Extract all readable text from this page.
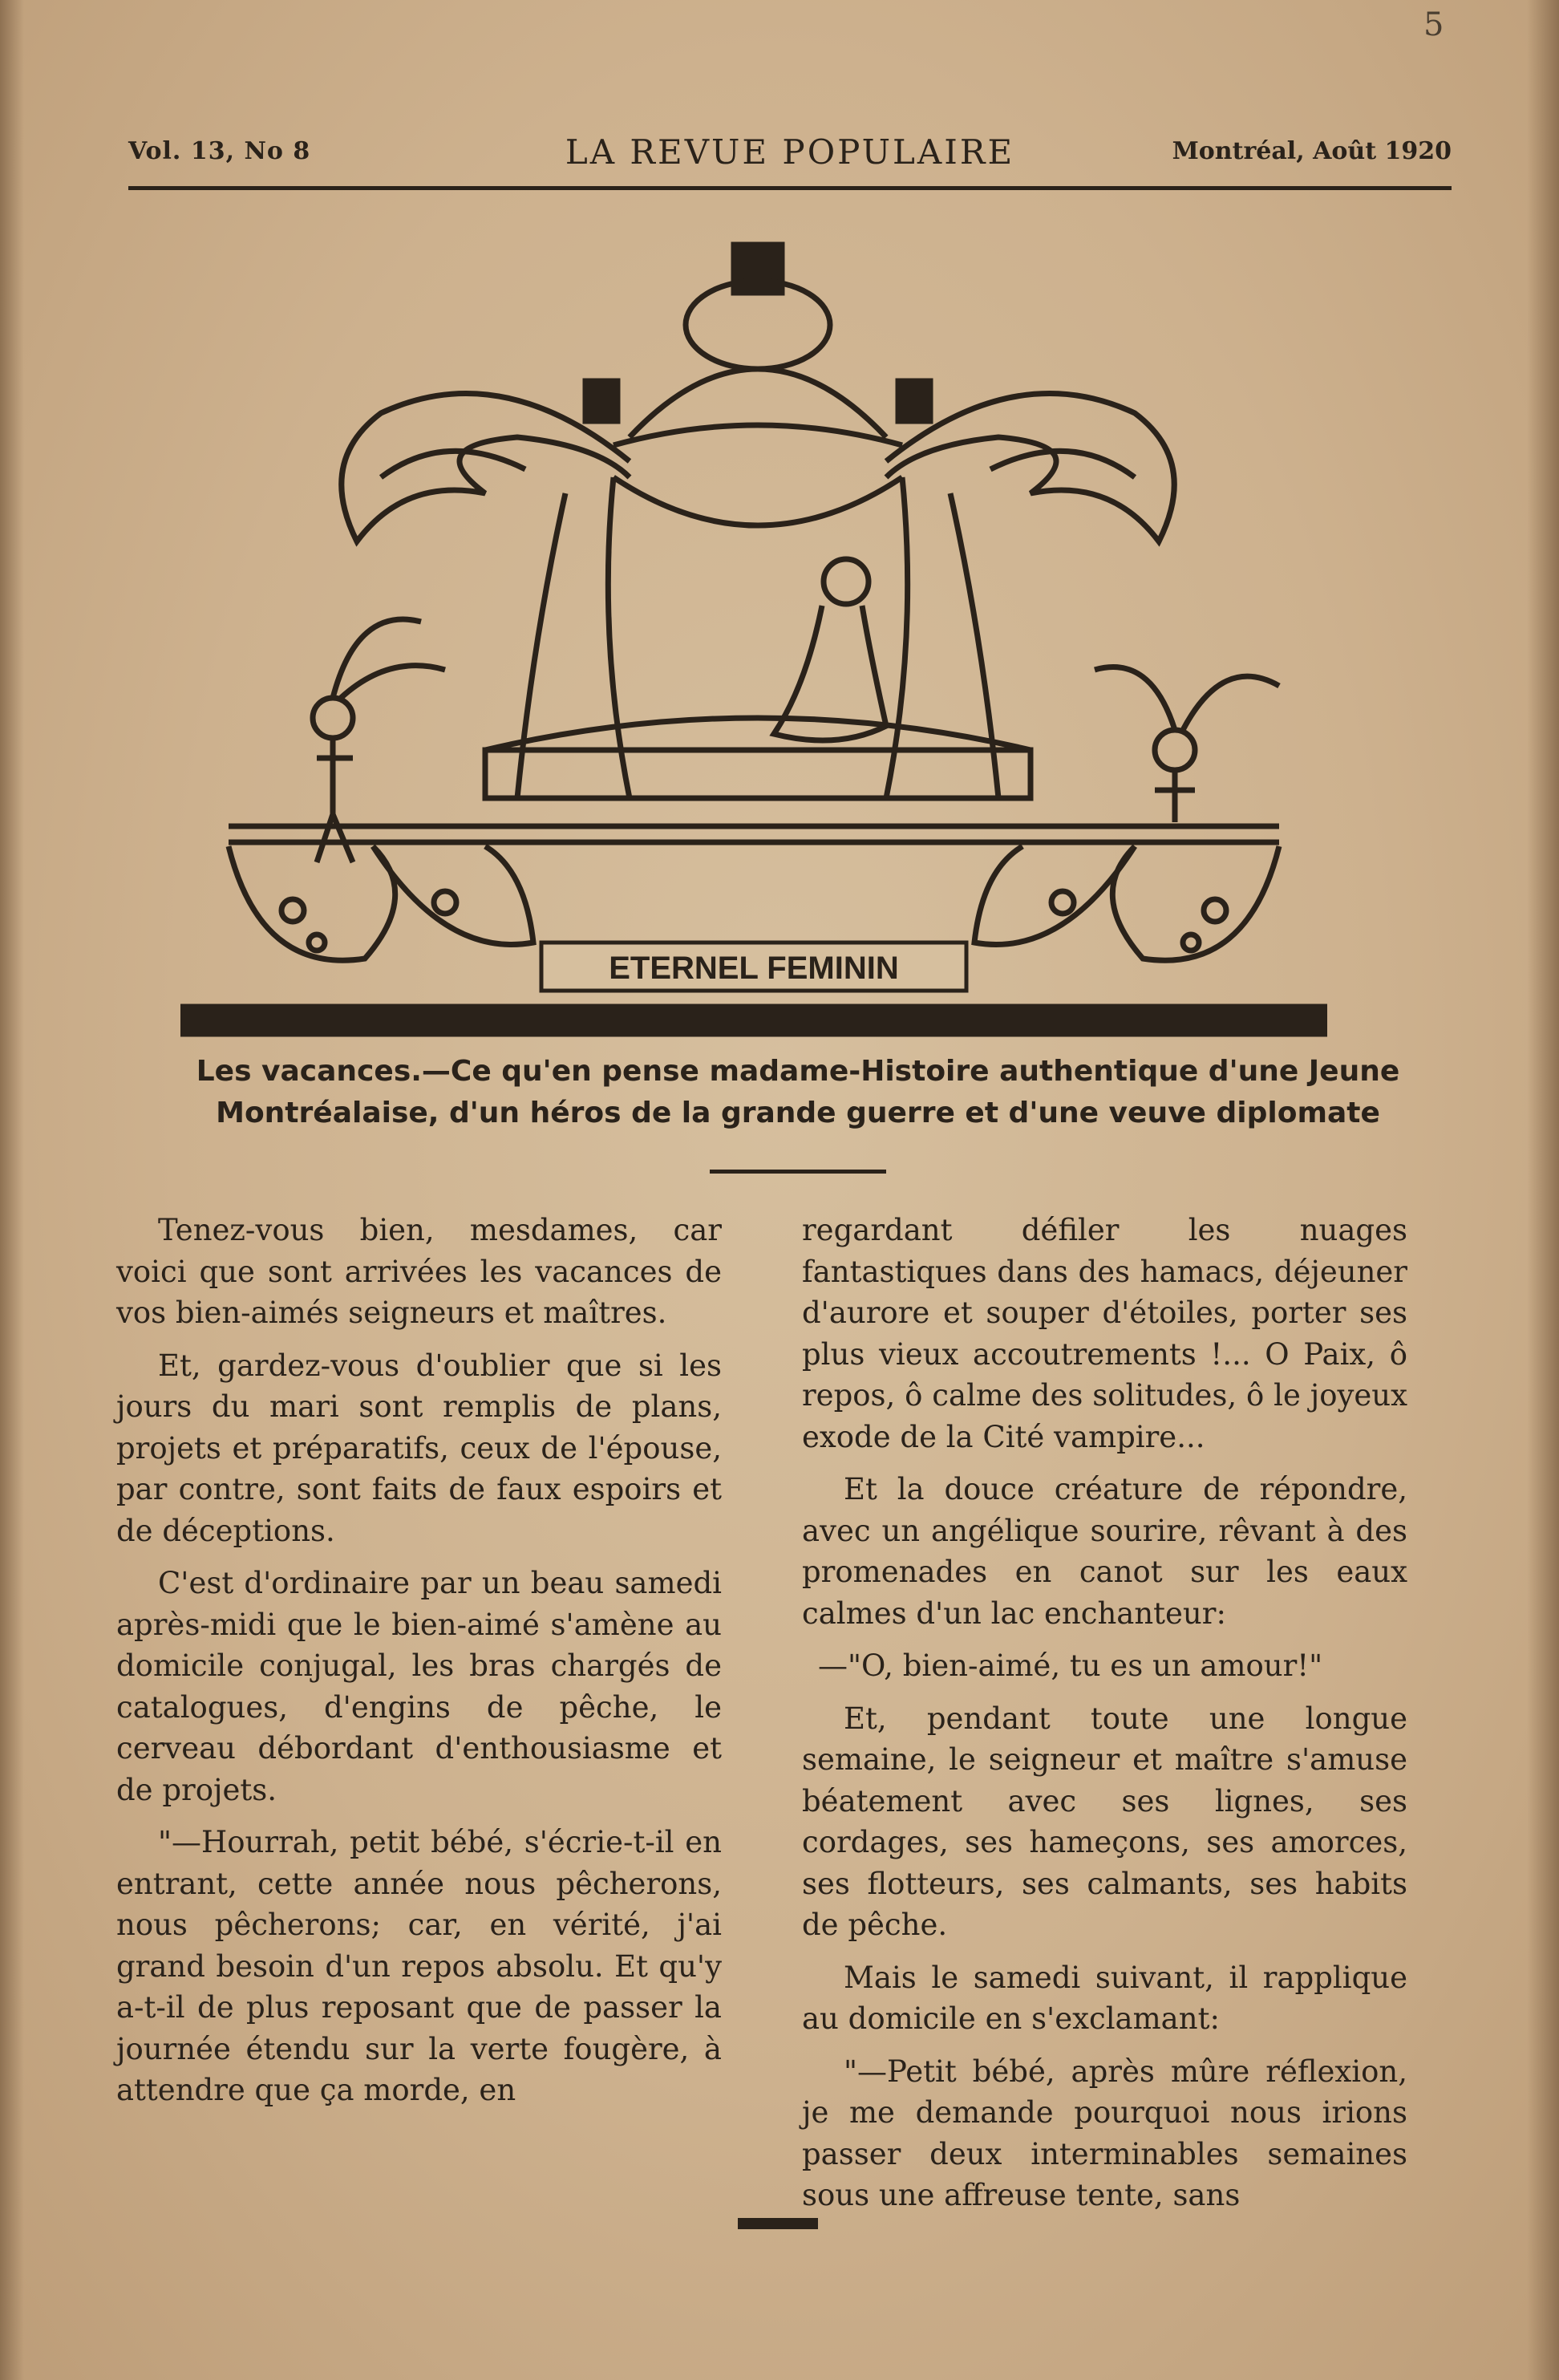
5
Vol. 13, No 8	LA REVUE POPULAIRE	Montréal, Août 1920
ETERNEL FEMININ
Les vacances.—Ce qu'en pense madame-Histoire authentique d'une Jeune
Montréalaise, d'un héros de la grande guerre et d'une veuve diplomate

Tenez-vous bien, mesdames, car voici que sont arrivées les vacances de vos bien-aimés seigneurs et maîtres.

Et, gardez-vous d'oublier que si les jours du mari sont remplis de plans, projets et préparatifs, ceux de l'épouse, par contre, sont faits de faux espoirs et de déceptions.

C'est d'ordinaire par un beau samedi après-midi que le bien-aimé s'amène au domicile conjugal, les bras chargés de catalogues, d'engins de pêche, le cerveau débordant d'enthousiasme et de projets.

"—Hourrah, petit bébé, s'écrie-t-il en entrant, cette année nous pêcherons, nous pêcherons; car, en vérité, j'ai grand besoin d'un repos absolu. Et qu'y a-t-il de plus reposant que de passer la journée étendu sur la verte fougère, à attendre que ça morde, en

regardant défiler les nuages fantastiques dans des hamacs, déjeuner d'aurore et souper d'étoiles, porter ses plus vieux accoutrements !... O Paix, ô repos, ô calme des solitudes, ô le joyeux exode de la Cité vampire...

Et la douce créature de répondre, avec un angélique sourire, rêvant à des promenades en canot sur les eaux calmes d'un lac enchanteur:

—"O, bien-aimé, tu es un amour!"

Et, pendant toute une longue semaine, le seigneur et maître s'amuse béatement avec ses lignes, ses cordages, ses hameçons, ses amorces, ses flotteurs, ses calmants, ses habits de pêche.

Mais le samedi suivant, il rapplique au domicile en s'exclamant:

"—Petit bébé, après mûre réflexion, je me demande pourquoi nous irions passer deux interminables semaines sous une affreuse tente, sans
